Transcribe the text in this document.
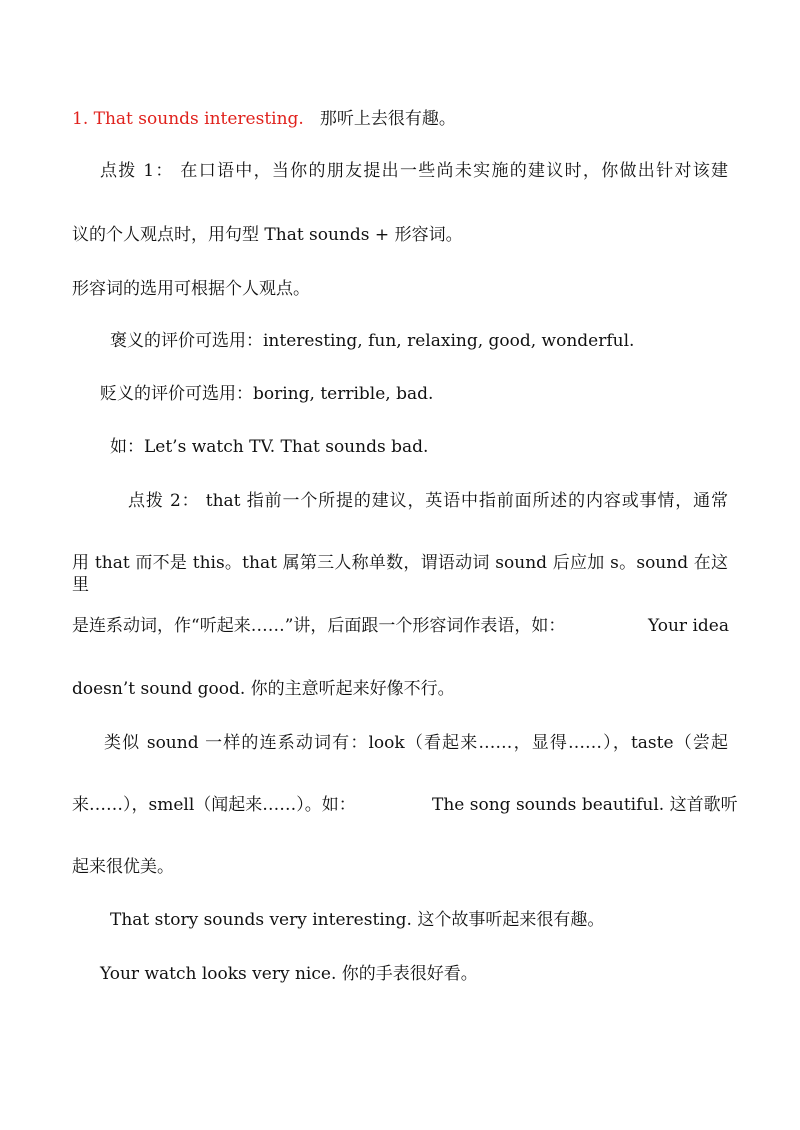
1. That sounds interesting. 那听上去很有趣。
点拨 1： 在口语中，当你的朋友提出一些尚未实施的建议时，你做出针对该建
议的个人观点时，用句型 That sounds + 形容词。
形容词的选用可根据个人观点。
褒义的评价可选用：interesting, fun, relaxing, good, wonderful.
贬义的评价可选用：boring, terrible, bad.
如：Let’s watch TV. That sounds bad.
点拨 2： that 指前一个所提的建议，英语中指前面所述的内容或事情，通常
用 that 而不是 this。that 属第三人称单数，谓语动词 sound 后应加 s。sound 在这里
是连系动词，作“听起来……”讲，后面跟一个形容词作表语，如：	Your idea
doesn’t sound good. 你的主意听起来好像不行。
类似 sound 一样的连系动词有：look（看起来……，显得……），taste（尝起
来……），smell（闻起来……）。如：	The song sounds beautiful. 这首歌听
起来很优美。
That story sounds very interesting. 这个故事听起来很有趣。
Your watch looks very nice. 你的手表很好看。
